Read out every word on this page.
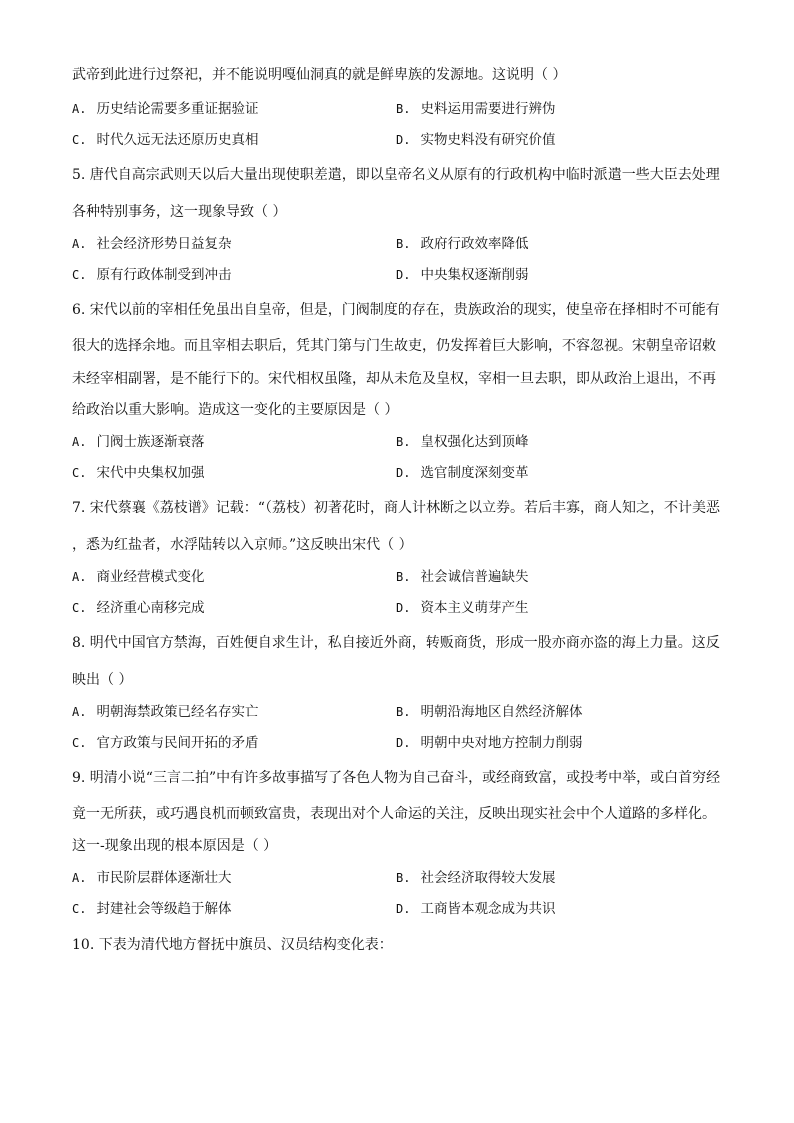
武帝到此进行过祭祀，并不能说明嘎仙洞真的就是鲜卑族的发源地。这说明（ ）
A. 历史结论需要多重证据验证	B. 史料运用需要进行辨伪
C. 时代久远无法还原历史真相	D. 实物史料没有研究价值
5. 唐代自高宗武则天以后大量出现使职差遣，即以皇帝名义从原有的行政机构中临时派遣一些大臣去处理
各种特别事务，这一现象导致（ ）
A. 社会经济形势日益复杂	B. 政府行政效率降低
C. 原有行政体制受到冲击	D. 中央集权逐渐削弱
6. 宋代以前的宰相任免虽出自皇帝，但是，门阀制度的存在，贵族政治的现实，使皇帝在择相时不可能有
很大的选择余地。而且宰相去职后，凭其门第与门生故吏，仍发挥着巨大影响，不容忽视。宋朝皇帝诏敕
未经宰相副署，是不能行下的。宋代相权虽隆，却从未危及皇权，宰相一旦去职，即从政治上退出，不再
给政治以重大影响。造成这一变化的主要原因是（ ）
A. 门阀士族逐渐衰落	B. 皇权强化达到顶峰
C. 宋代中央集权加强	D. 选官制度深刻变革
7. 宋代蔡襄《荔枝谱》记载：“（荔枝）初著花时，商人计林断之以立券。若后丰寡，商人知之，不计美恶
，悉为红盐者，水浮陆转以入京师。”这反映出宋代（ ）
A. 商业经营模式变化	B. 社会诚信普遍缺失
C. 经济重心南移完成	D. 资本主义萌芽产生
8. 明代中国官方禁海，百姓便自求生计，私自接近外商，转贩商货，形成一股亦商亦盗的海上力量。这反
映出（ ）
A. 明朝海禁政策已经名存实亡	B. 明朝沿海地区自然经济解体
C. 官方政策与民间开拓的矛盾	D. 明朝中央对地方控制力削弱
9. 明清小说“三言二拍”中有许多故事描写了各色人物为自己奋斗，或经商致富，或投考中举，或白首穷经
竟一无所获，或巧遇良机而顿致富贵，表现出对个人命运的关注，反映出现实社会中个人道路的多样化。
这一-现象出现的根本原因是（ ）
A. 市民阶层群体逐渐壮大	B. 社会经济取得较大发展
C. 封建社会等级趋于解体	D. 工商皆本观念成为共识
10. 下表为清代地方督抚中旗员、汉员结构变化表：
